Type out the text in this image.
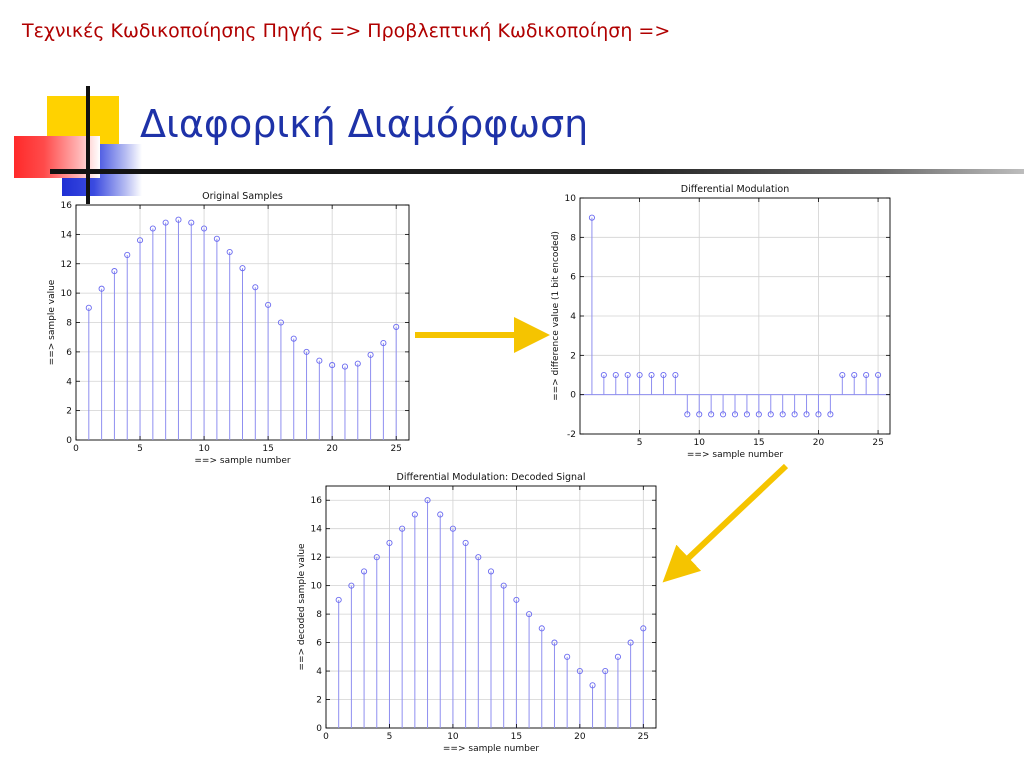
Τεχνικές Κωδικοποίησης Πηγής => Προβλεπτική Κωδικοποίηση =>
Διαφορική Διαμόρφωση
0	5	10	15	20	25
0
2
4
6
8
10
12
14
16
Original Samples
==> sample number
==> sample value
5	10	15	20	25
-2
0
2
4
6
8
10
Differential Modulation
==> sample number
==> difference value (1 bit encoded)
0	5	10	15	20	25
0
2
4
6
8
10
12
14
16
Differential Modulation: Decoded Signal
==> sample number
==> decoded sample value
